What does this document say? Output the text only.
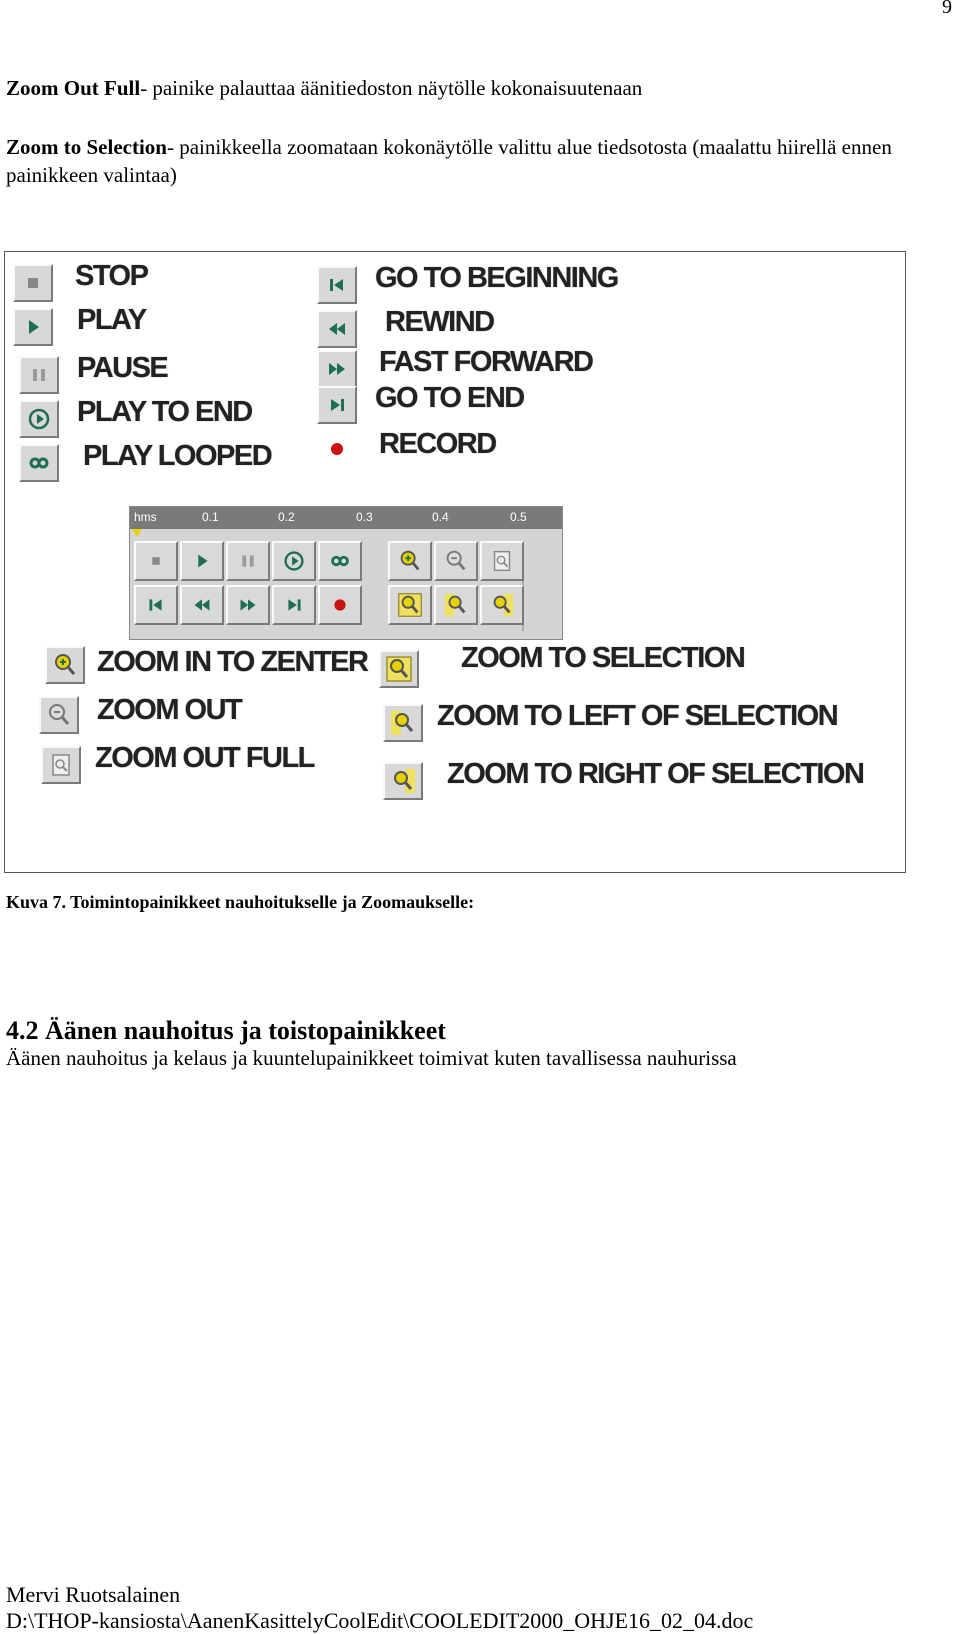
9
Zoom Out Full- painike palauttaa äänitiedoston näytölle kokonaisuutenaan
Zoom to Selection- painikkeella zoomataan kokonäytölle valittu alue tiedsotosta (maalattu hiirellä ennen painikkeen valintaa)
STOP
PLAY
PAUSE
PLAY TO END
PLAY LOOPED
GO TO BEGINNING
REWIND
FAST FORWARD
GO TO END
RECORD
hms	0.1	0.2	0.3	0.4	0.5
ZOOM IN TO ZENTER
ZOOM OUT
ZOOM OUT FULL
ZOOM TO SELECTION
ZOOM TO LEFT OF SELECTION
ZOOM TO RIGHT OF SELECTION
Kuva 7. Toimintopainikkeet nauhoitukselle ja Zoomaukselle:
4.2 Äänen nauhoitus ja toistopainikkeet
Äänen nauhoitus ja kelaus ja kuuntelupainikkeet toimivat kuten tavallisessa nauhurissa
Mervi Ruotsalainen
D:\THOP-kansiosta\AanenKasittelyCoolEdit\COOLEDIT2000_OHJE16_02_04.doc
